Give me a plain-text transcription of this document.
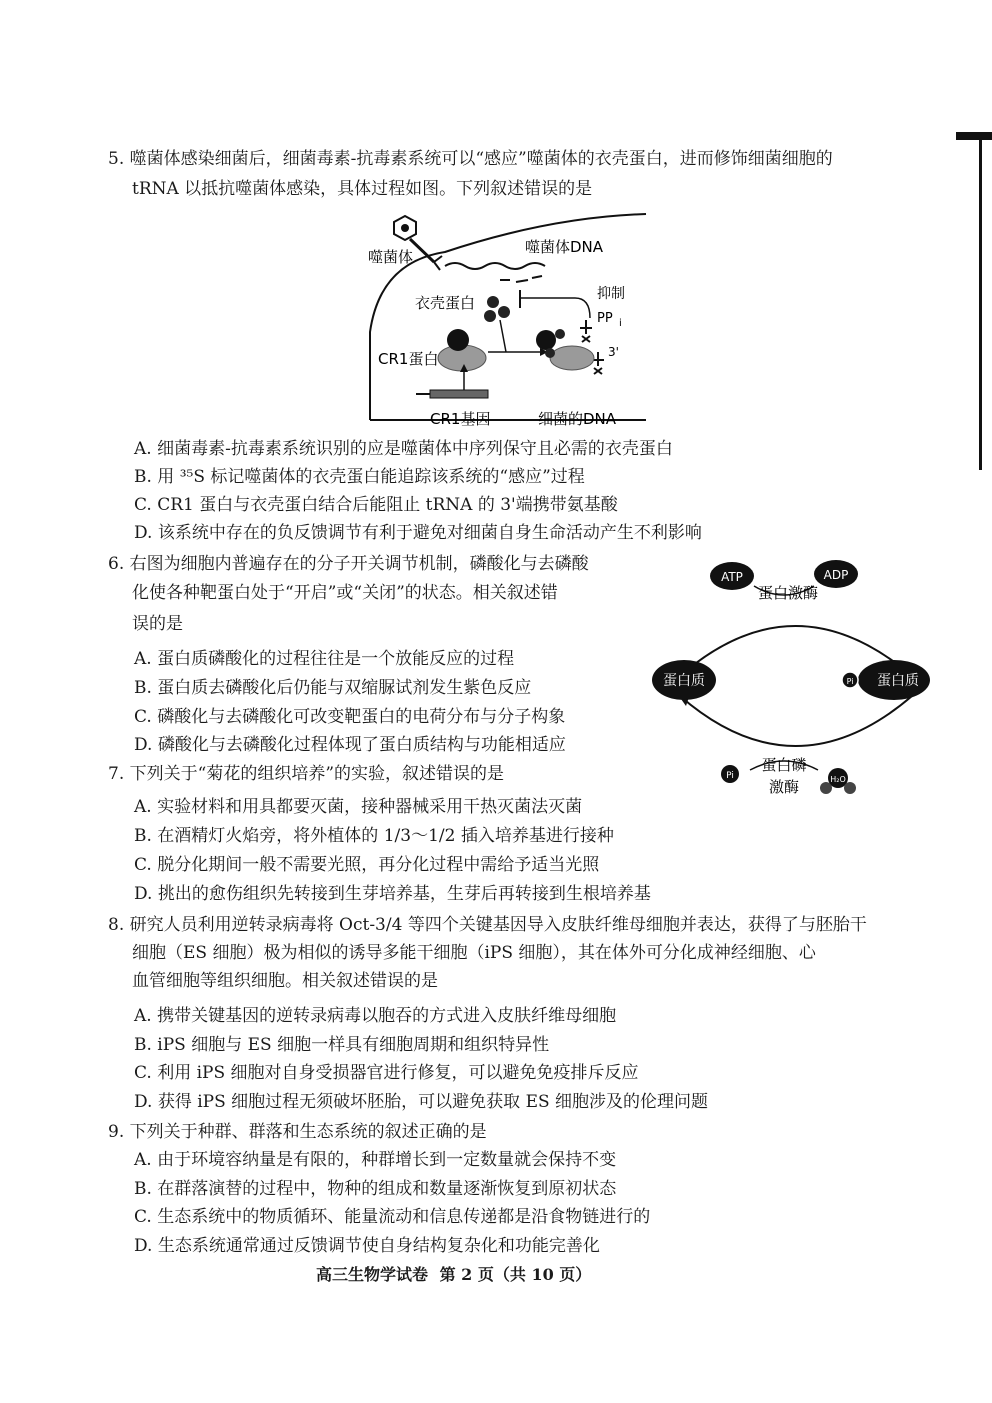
5. 噬菌体感染细菌后，细菌毒素-抗毒素系统可以“感应”噬菌体的衣壳蛋白，进而修饰细菌细胞的
tRNA 以抵抗噬菌体感染，具体过程如图。下列叙述错误的是
噬菌体
噬菌体DNA
衣壳蛋白	抑制
PP i
3'
CR1蛋白
CR1基因	细菌的DNA
A. 细菌毒素-抗毒素系统识别的应是噬菌体中序列保守且必需的衣壳蛋白
B. 用 ³⁵S 标记噬菌体的衣壳蛋白能追踪该系统的“感应”过程
C. CR1 蛋白与衣壳蛋白结合后能阻止 tRNA 的 3'端携带氨基酸
D. 该系统中存在的负反馈调节有利于避免对细菌自身生命活动产生不利影响
6. 右图为细胞内普遍存在的分子开关调节机制，磷酸化与去磷酸
化使各种靶蛋白处于“开启”或“关闭”的状态。相关叙述错
误的是
ATP	ADP
蛋白激酶
蛋白质	Pi 蛋白质
Pi
蛋白磷
激酶	H₂O
A. 蛋白质磷酸化的过程往往是一个放能反应的过程
B. 蛋白质去磷酸化后仍能与双缩脲试剂发生紫色反应
C. 磷酸化与去磷酸化可改变靶蛋白的电荷分布与分子构象
D. 磷酸化与去磷酸化过程体现了蛋白质结构与功能相适应
7. 下列关于“菊花的组织培养”的实验，叙述错误的是
A. 实验材料和用具都要灭菌，接种器械采用干热灭菌法灭菌
B. 在酒精灯火焰旁，将外植体的 1/3～1/2 插入培养基进行接种
C. 脱分化期间一般不需要光照，再分化过程中需给予适当光照
D. 挑出的愈伤组织先转接到生芽培养基，生芽后再转接到生根培养基
8. 研究人员利用逆转录病毒将 Oct-3/4 等四个关键基因导入皮肤纤维母细胞并表达，获得了与胚胎干
细胞（ES 细胞）极为相似的诱导多能干细胞（iPS 细胞），其在体外可分化成神经细胞、心
血管细胞等组织细胞。相关叙述错误的是
A. 携带关键基因的逆转录病毒以胞吞的方式进入皮肤纤维母细胞
B. iPS 细胞与 ES 细胞一样具有细胞周期和组织特异性
C. 利用 iPS 细胞对自身受损器官进行修复，可以避免免疫排斥反应
D. 获得 iPS 细胞过程无须破坏胚胎，可以避免获取 ES 细胞涉及的伦理问题
9. 下列关于种群、群落和生态系统的叙述正确的是
A. 由于环境容纳量是有限的，种群增长到一定数量就会保持不变
B. 在群落演替的过程中，物种的组成和数量逐渐恢复到原初状态
C. 生态系统中的物质循环、能量流动和信息传递都是沿食物链进行的
D. 生态系统通常通过反馈调节使自身结构复杂化和功能完善化
高三生物学试卷 第 2 页（共 10 页）
